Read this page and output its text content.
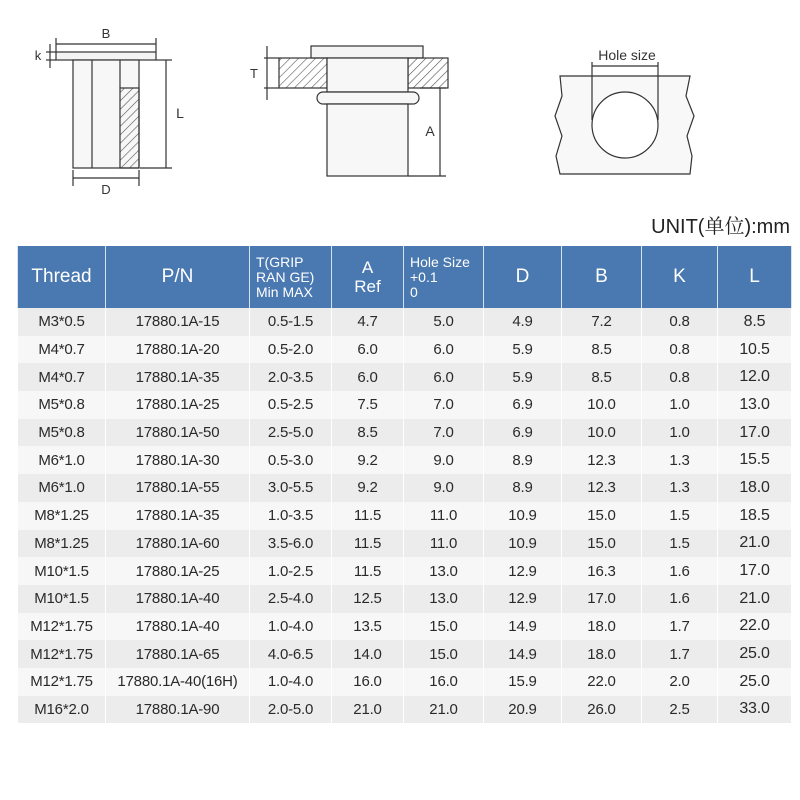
B
k
L
D
T
A
Hole size
UNIT(单位):mm
Thread	P/N	T(GRIP
RAN GE)
Min MAX	A
Ref	Hole Size
+0.1
0	D	B	K	L
M3*0.5	17880.1A-15	0.5-1.5	4.7	5.0	4.9	7.2	0.8	8.5
M4*0.7	17880.1A-20	0.5-2.0	6.0	6.0	5.9	8.5	0.8	10.5
M4*0.7	17880.1A-35	2.0-3.5	6.0	6.0	5.9	8.5	0.8	12.0
M5*0.8	17880.1A-25	0.5-2.5	7.5	7.0	6.9	10.0	1.0	13.0
M5*0.8	17880.1A-50	2.5-5.0	8.5	7.0	6.9	10.0	1.0	17.0
M6*1.0	17880.1A-30	0.5-3.0	9.2	9.0	8.9	12.3	1.3	15.5
M6*1.0	17880.1A-55	3.0-5.5	9.2	9.0	8.9	12.3	1.3	18.0
M8*1.25	17880.1A-35	1.0-3.5	11.5	11.0	10.9	15.0	1.5	18.5
M8*1.25	17880.1A-60	3.5-6.0	11.5	11.0	10.9	15.0	1.5	21.0
M10*1.5	17880.1A-25	1.0-2.5	11.5	13.0	12.9	16.3	1.6	17.0
M10*1.5	17880.1A-40	2.5-4.0	12.5	13.0	12.9	17.0	1.6	21.0
M12*1.75	17880.1A-40	1.0-4.0	13.5	15.0	14.9	18.0	1.7	22.0
M12*1.75	17880.1A-65	4.0-6.5	14.0	15.0	14.9	18.0	1.7	25.0
M12*1.75	17880.1A-40(16H)	1.0-4.0	16.0	16.0	15.9	22.0	2.0	25.0
M16*2.0	17880.1A-90	2.0-5.0	21.0	21.0	20.9	26.0	2.5	33.0
